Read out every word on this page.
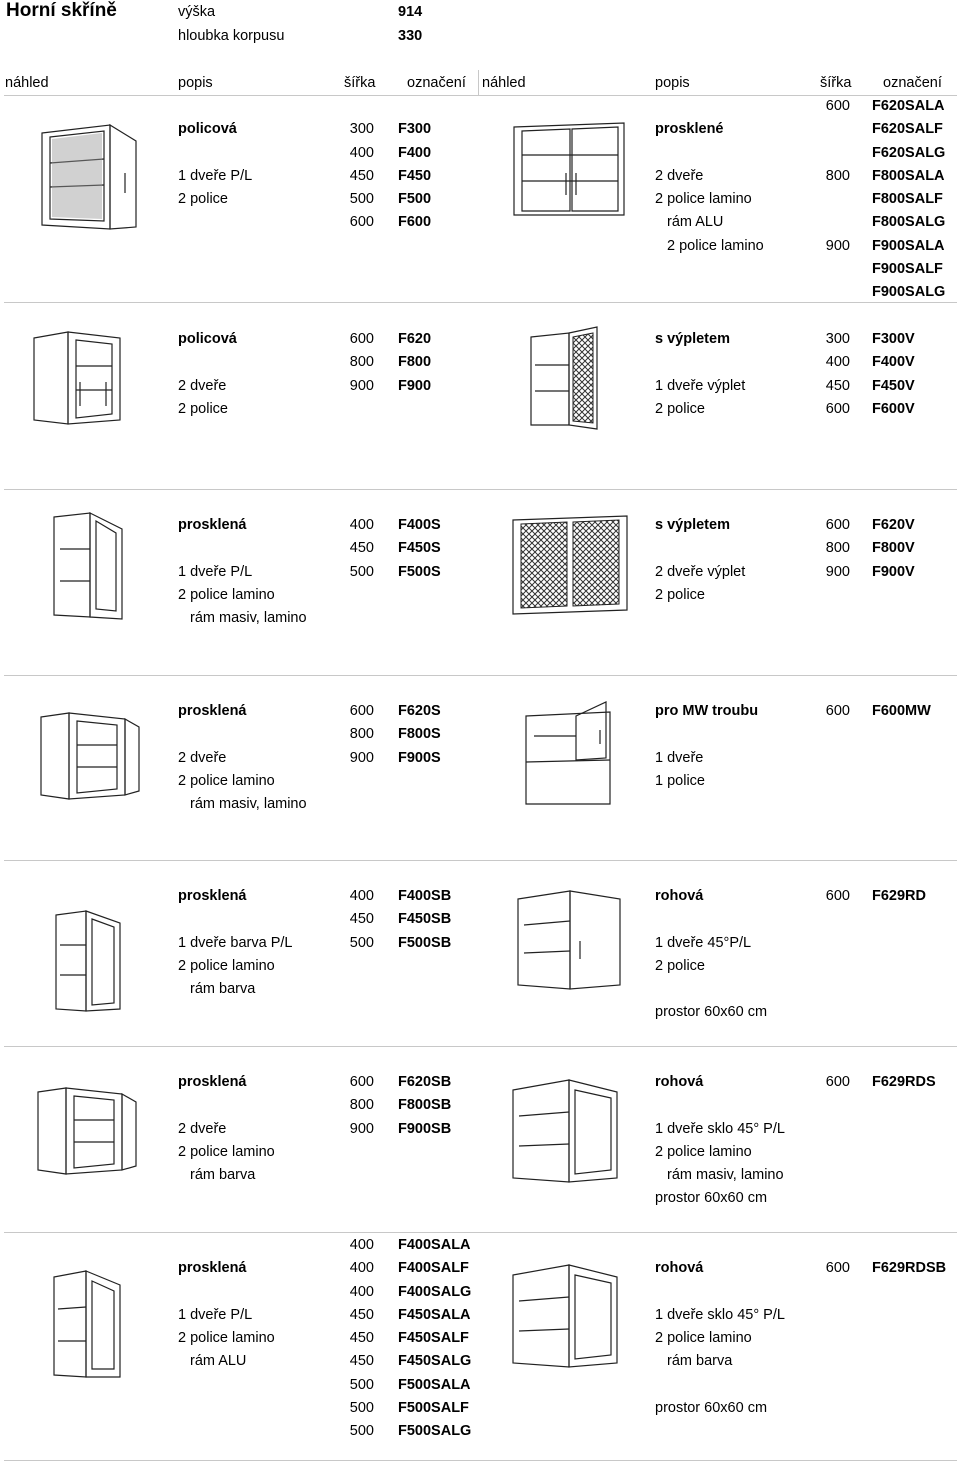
Horní skříně	výška	914
hloubka korpusu	330
náhled	popis	šířka označení náhled	popis	šířka označení
policová	300 F300
400 F400
1 dveře P/L	450 F450
2 police	500 F500
600 F600
600 F620SALA
prosklené	F620SALF
F620SALG
2 dveře	800 F800SALA
2 police lamino	F800SALF
rám ALU	F800SALG
2 police lamino	900 F900SALA
F900SALF
F900SALG
policová	600 F620
800 F800
2 dveře	900 F900
2 police
s výpletem	300 F300V
400 F400V
1 dveře výplet	450 F450V
2 police	600 F600V
prosklená	400 F400S
450 F450S
1 dveře P/L	500 F500S
2 police lamino
rám masiv, lamino
s výpletem	600 F620V
800 F800V
2 dveře výplet	900 F900V
2 police
prosklená	600 F620S
800 F800S
2 dveře	900 F900S
2 police lamino
rám masiv, lamino
pro MW troubu	600 F600MW
1 dveře
1 police
prosklená	400 F400SB
450 F450SB
1 dveře barva P/L	500 F500SB
2 police lamino
rám barva
rohová	600 F629RD
1 dveře 45°P/L
2 police
prostor 60x60 cm
prosklená	600 F620SB
800 F800SB
2 dveře	900 F900SB
2 police lamino
rám barva
rohová	600 F629RDS
1 dveře sklo 45° P/L
2 police lamino
rám masiv, lamino
prostor 60x60 cm
400 F400SALA
prosklená	400 F400SALF
400 F400SALG
1 dveře P/L	450 F450SALA
2 police lamino	450 F450SALF
rám ALU	450 F450SALG
500 F500SALA
500 F500SALF
500 F500SALG
rohová	600 F629RDSB
1 dveře sklo 45° P/L
2 police lamino
rám barva
prostor 60x60 cm
